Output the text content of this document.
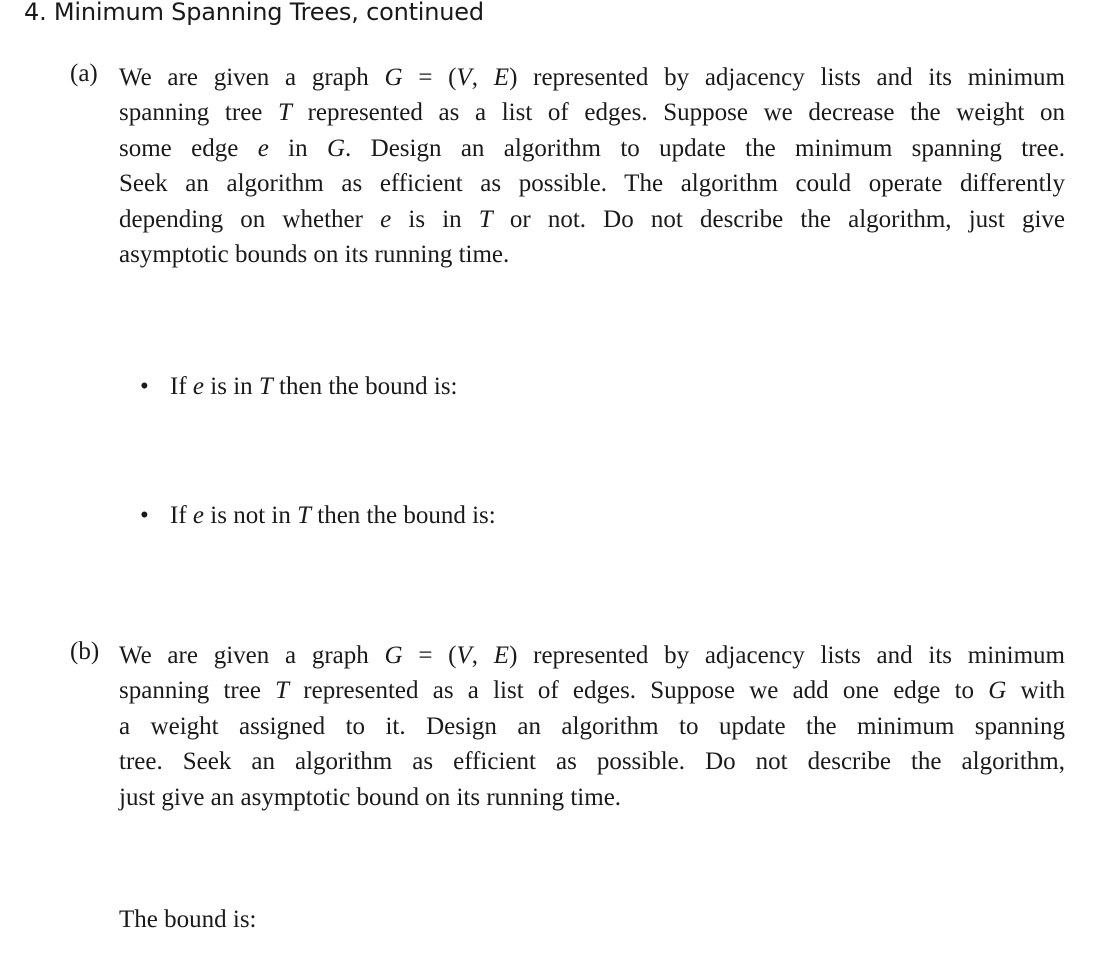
4. Minimum Spanning Trees, continued
(a) We are given a graph G = (V, E) represented by adjacency lists and its minimum
spanning tree T represented as a list of edges. Suppose we decrease the weight on
some edge e in G. Design an algorithm to update the minimum spanning tree.
Seek an algorithm as efficient as possible. The algorithm could operate differently
depending on whether e is in T or not. Do not describe the algorithm, just give
asymptotic bounds on its running time.
• If e is in T then the bound is:
• If e is not in T then the bound is:
(b) We are given a graph G = (V, E) represented by adjacency lists and its minimum
spanning tree T represented as a list of edges. Suppose we add one edge to G with
a weight assigned to it. Design an algorithm to update the minimum spanning
tree. Seek an algorithm as efficient as possible. Do not describe the algorithm,
just give an asymptotic bound on its running time.
The bound is:
